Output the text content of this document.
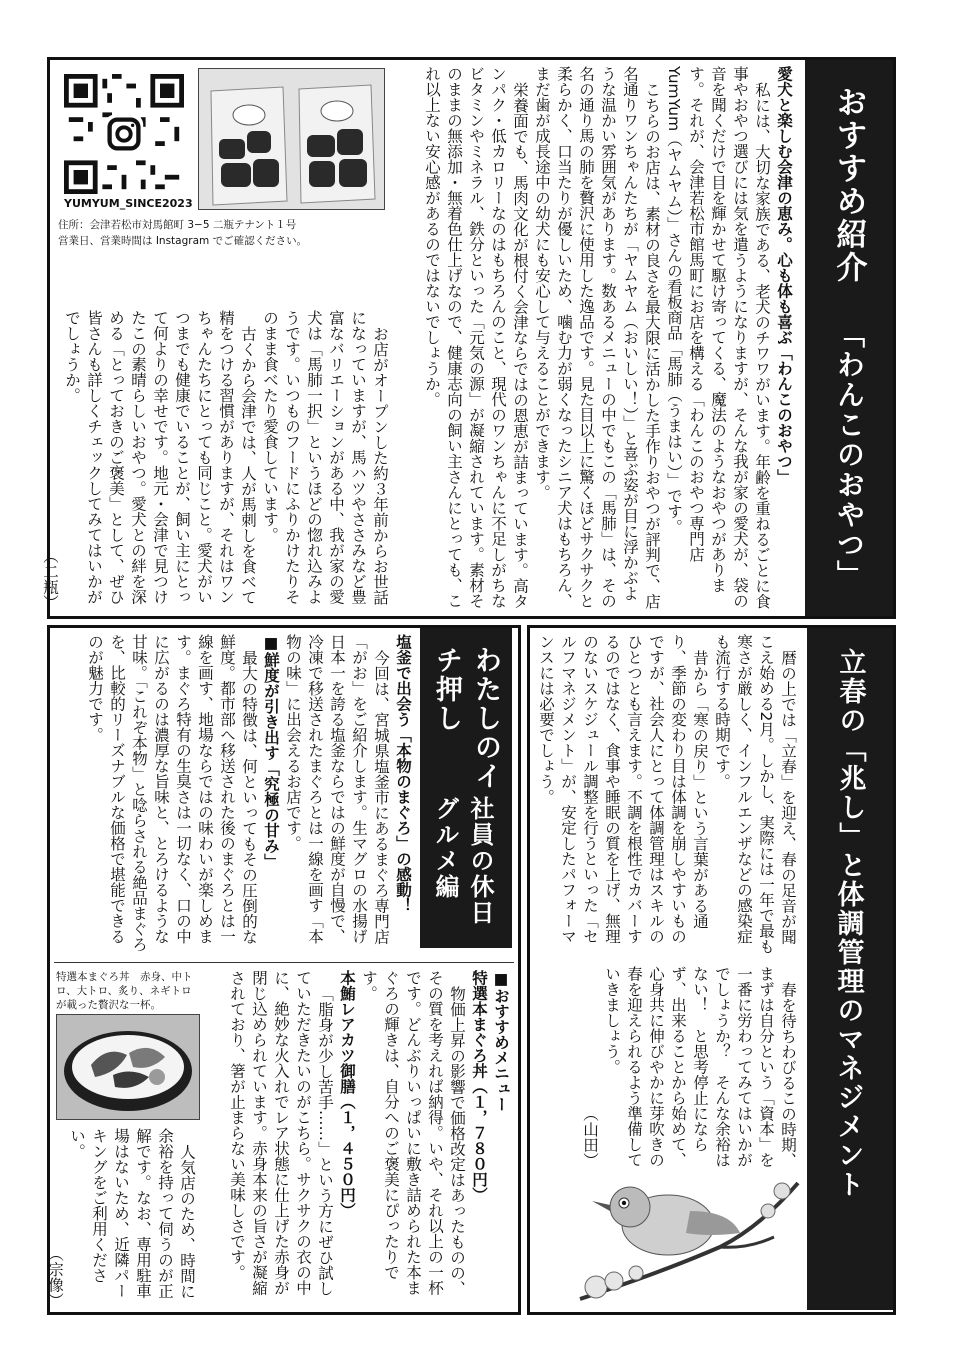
おすすめ紹介
「わんこのおやつ」

愛犬と楽しむ会津の恵み。心も体も喜ぶ「わんこのおやつ」

私には、大切な家族である、老犬のチワワがいます。年齢を重ねるごとに食事やおやつ選びには気を遣うようになりますが、そんな我が家の愛犬が、袋の音を聞くだけで目を輝かせて駆け寄ってくる、魔法のようなおやつがあります。それが、会津若松市館馬町にお店を構える「わんこのおやつ専門店YumYum（ヤムヤム）」さんの看板商品「馬肺（うまはい）」です。

こちらのお店は、素材の良さを最大限に活かした手作りおやつが評判で、店名通りワンちゃんたちが「ヤムヤム（おいしい！）」と喜ぶ姿が目に浮かぶような温かい雰囲気があります。数あるメニューの中でもこの「馬肺」は、その名の通り馬の肺を贅沢に使用した逸品です。見た目以上に驚くほどサクサクと柔らかく、口当たりが優しいため、噛む力が弱くなったシニア犬はもちろん、まだ歯が成長途中の幼犬にも安心して与えることができます。

栄養面でも、馬肉文化が根付く会津ならではの恩恵が詰まっています。高タンパク・低カロリーなのはもちろんのこと、現代のワンちゃんに不足しがちなビタミンやミネラル、鉄分といった「元気の源」が凝縮されています。素材そのままの無添加・無着色仕上げなので、健康志向の飼い主さんにとっても、これ以上ない安心感があるのではないでしょうか。

お店がオープンした約３年前からお世話になっていますが、馬ハツやささみなど豊富なバリエーションがある中、我が家の愛犬は「馬肺一択」というほどの惚れ込みようです。いつものフードにふりかけたりそのまま食べたり愛食しています。

古くから会津では、人が馬刺しを食べて精をつける習慣がありますが、それはワンちゃんたちにとっても同じこと。愛犬がいつまでも健康でいることが、飼い主にとって何よりの幸せです。地元・会津で見つけたこの素晴らしいおやつ。愛犬との絆を深める「とっておきのご褒美」として、ぜひ皆さんも詳しくチェックしてみてはいかがでしょうか。

（二瓶）

YUMYUM_SINCE2023
住所：会津若松市対馬館町 3−5 二瓶テナント１号
営業日、営業時間は Instagram でご確認ください。
わたしのイチ押し
社員の休日グルメ編

塩釜で出会う「本物のまぐろ」の感動！

今回は、宮城県塩釜市にあるまぐろ専門店「がお」をご紹介します。生マグロの水揚げ日本一を誇る塩釜ならではの鮮度が自慢で、冷凍で移送されたまぐろとは一線を画す「本物の味」に出会えるお店です。

■鮮度が引き出す「究極の甘み」

最大の特徴は、何といってもその圧倒的な鮮度。都市部へ移送された後のまぐろとは一線を画す、地場ならではの味わいが楽しめます。まぐろ特有の生臭さは一切なく、口の中に広がるのは濃厚な旨味と、とろけるような甘味。「これぞ本物」と唸らされる絶品まぐろを、比較的リーズナブルな価格で堪能できるのが魅力です。

■おすすめメニュー

特選本まぐろ丼（１，７８０円）

物価上昇の影響で価格改定はあったものの、その質を考えれば納得。いや、それ以上の一杯です。どんぶりいっぱいに敷き詰められた本まぐろの輝きは、自分へのご褒美にぴったりです。

本鮪レアカツ御膳（１，４５０円）

「脂身が少し苦手……」という方にぜひ試していただきたいのがこちら。サクサクの衣の中に、絶妙な火入れでレア状態に仕上げた赤身が閉じ込められています。赤身本来の旨さが凝縮されており、箸が止まらない美味しさです。

特選本まぐろ丼　赤身、中トロ、大トロ、炙り、ネギトロが載った贅沢な一杯。

人気店のため、時間に余裕を持って伺うのが正解です。なお、専用駐車場はないため、近隣パーキングをご利用ください。

（宗像）

立春の「兆し」と
体調管理のマネジメント

暦の上では「立春」を迎え、春の足音が聞こえ始める2月。しかし、実際には一年で最も寒さが厳しく、インフルエンザなどの感染症も流行する時期です。

昔から「寒の戻り」という言葉がある通り、季節の変わり目は体調を崩しやすいものですが、社会人にとって体調管理はスキルのひとつとも言えます。不調を根性でカバーするのではなく、食事や睡眠の質を上げ、無理のないスケジュール調整を行うといった「セルフマネジメント」が、安定したパフォーマンスには必要でしょう。

春を待ちわびるこの時期、まずは自分という「資本」を一番に労わってみてはいかがでしょうか？　そんな余裕はない！　と思考停止にならず、出来ることから始めて、心身共に伸びやかに芽吹きの春を迎えられるよう準備していきましょう。

（山田）
